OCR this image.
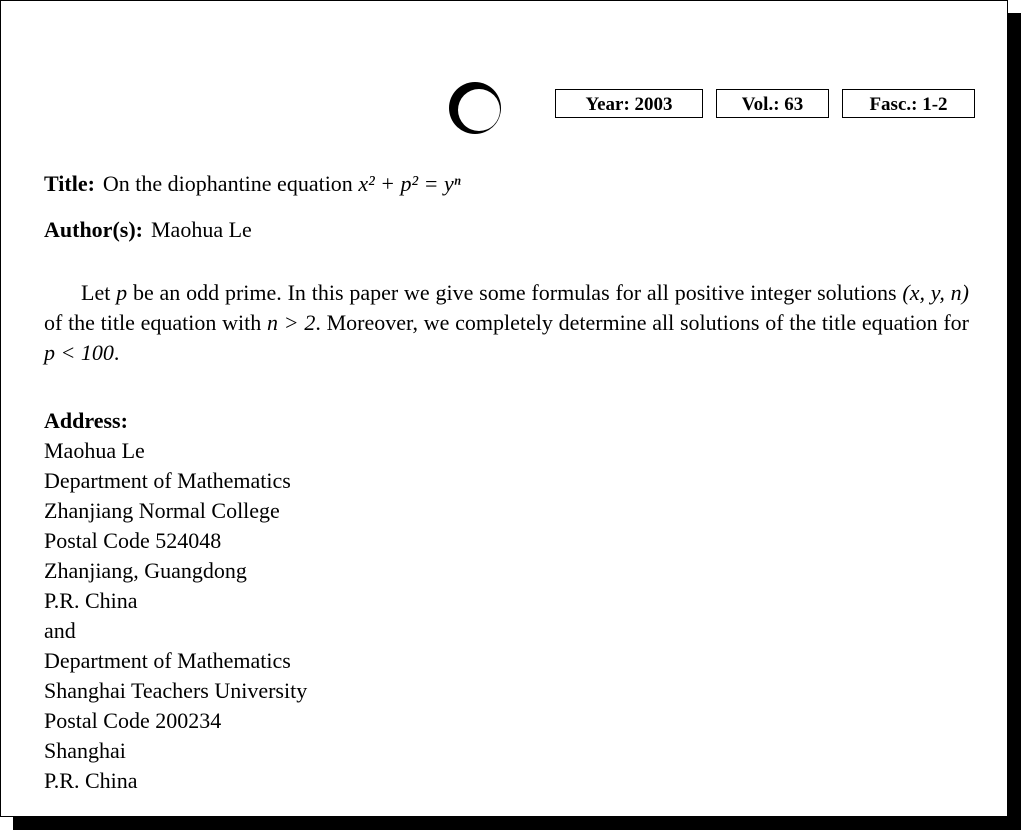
Year: 2003	Vol.: 63	Fasc.: 1-2
Title: On the diophantine equation x² + p² = yⁿ
Author(s): Maohua Le
Let p be an odd prime. In this paper we give some formulas for all positive integer solutions (x, y, n) of the title equation with n > 2. Moreover, we completely determine all solutions of the title equation for p < 100.
Address:
Maohua Le
Department of Mathematics
Zhanjiang Normal College
Postal Code 524048
Zhanjiang, Guangdong
P.R. China
and
Department of Mathematics
Shanghai Teachers University
Postal Code 200234
Shanghai
P.R. China
